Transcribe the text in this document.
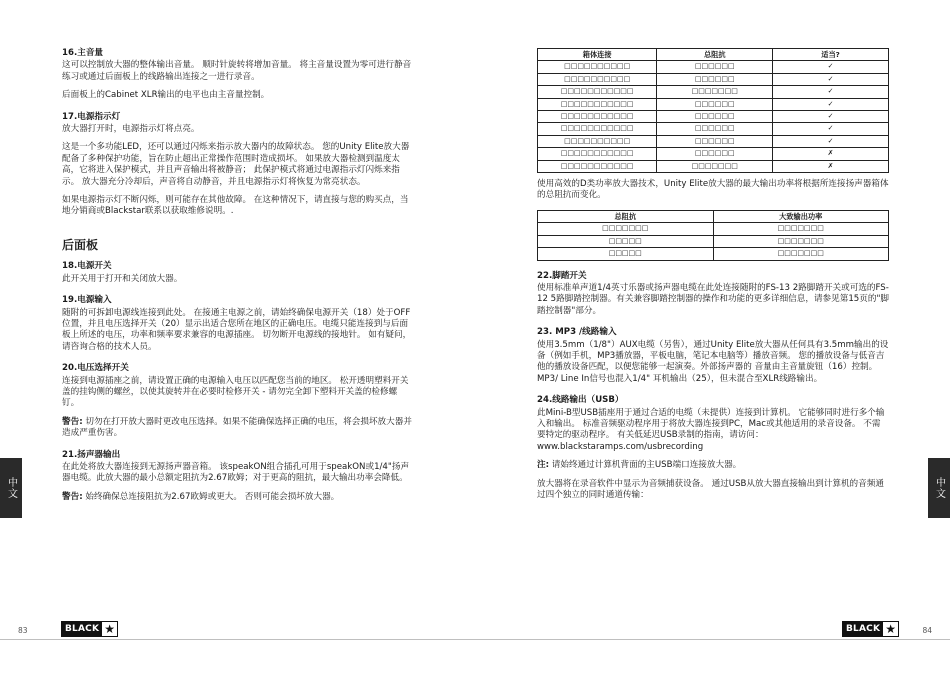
16.主音量
这可以控制放大器的整体输出音量。 顺时针旋转将增加音量。 将主音量设置为零可进行静音练习或通过后面板上的线路输出连接之一进行录音。
后面板上的Cabinet XLR输出的电平也由主音量控制。
17.电源指示灯
放大器打开时，电源指示灯将点亮。
这是一个多功能LED，还可以通过闪烁来指示放大器内的故障状态。 您的Unity Elite放大器配备了多种保护功能，旨在防止超出正常操作范围时造成损坏。 如果放大器检测到温度太高，它将进入保护模式，并且声音输出将被静音； 此保护模式将通过电源指示灯闪烁来指示。 放大器充分冷却后，声音将自动静音，并且电源指示灯将恢复为常亮状态。
如果电源指示灯不断闪烁，则可能存在其他故障。 在这种情况下，请直接与您的购买点，当地分销商或Blackstar联系以获取维修说明。.
后面板
18.电源开关
此开关用于打开和关闭放大器。
19.电源输入
随附的可拆卸电源线连接到此处。 在接通主电源之前，请始终确保电源开关（18）处于OFF位置，并且电压选择开关（20）显示出适合您所在地区的正确电压。电缆只能连接到与后面板上所述的电压，功率和频率要求兼容的电源插座。 切勿断开电源线的接地针。 如有疑问，请咨询合格的技术人员。
20.电压选择开关
连接到电源插座之前，请设置正确的电源输入电压以匹配您当前的地区。 松开透明塑料开关盖的挂钩侧的螺丝，以使其旋转并在必要时检修开关 - 请勿完全卸下塑料开关盖的检修螺钉。
警告: 切勿在打开放大器时更改电压选择。如果不能确保选择正确的电压，将会损坏放大器并造成严重伤害。
21.扬声器输出
在此处将放大器连接到无源扬声器音箱。 该speakON组合插孔可用于speakON或1/4"扬声器电缆。此放大器的最小总额定阻抗为2.67欧姆；对于更高的阻抗，最大输出功率会降低。
警告: 始终确保总连接阻抗为2.67欧姆或更大。 否则可能会损坏放大器。
中文
83	BLACK ★
箱体连接	总阻抗	适当?
□□□□□□□□□□	□□□□□□	✓
□□□□□□□□□□	□□□□□□	✓
□□□□□□□□□□□	□□□□□□□	✓
□□□□□□□□□□□	□□□□□□	✓
□□□□□□□□□□□	□□□□□□	✓
□□□□□□□□□□□	□□□□□□	✓
□□□□□□□□□□	□□□□□□	✓
□□□□□□□□□□□	□□□□□□	✗
□□□□□□□□□□□	□□□□□□□	✗
使用高效的D类功率放大器技术，Unity Elite放大器的最大输出功率将根据所连接扬声器箱体的总阻抗而变化。
总阻抗	大致输出功率
□□□□□□□	□□□□□□□
□□□□□	□□□□□□□
□□□□□	□□□□□□□
22.脚踏开关
使用标准单声道1/4英寸乐器或扬声器电缆在此处连接随附的FS-13 2路脚踏开关或可选的FS-12 5路脚踏控制器。有关兼容脚踏控制器的操作和功能的更多详细信息，请参见第15页的"脚踏控制器"部分。
23. MP3 /线路输入
使用3.5mm（1/8"）AUX电缆（另售），通过Unity Elite放大器从任何具有3.5mm输出的设备（例如手机，MP3播放器，平板电脑，笔记本电脑等）播放音频。 您的播放设备与低音吉他的播放设备匹配，以便您能够一起演奏。外部扬声器的 音量由主音量旋钮（16）控制。MP3/ Line In信号也混入1/4" 耳机输出（25），但未混合至XLR线路输出。
24.线路输出（USB）
此Mini-B型USB插座用于通过合适的电缆（未提供）连接到计算机。 它能够同时进行多个输入和输出。 标准音频驱动程序用于将放大器连接到PC，Mac或其他适用的录音设备。 不需要特定的驱动程序。 有关低延迟USB录制的指南，请访问：www.blackstaramps.com/usbrecording
注: 请始终通过计算机背面的主USB端口连接放大器。
放大器将在录音软件中显示为音频捕获设备。 通过USB从放大器直接输出到计算机的音频通过四个独立的同时通道传输：	中文
84
BLACK ★
